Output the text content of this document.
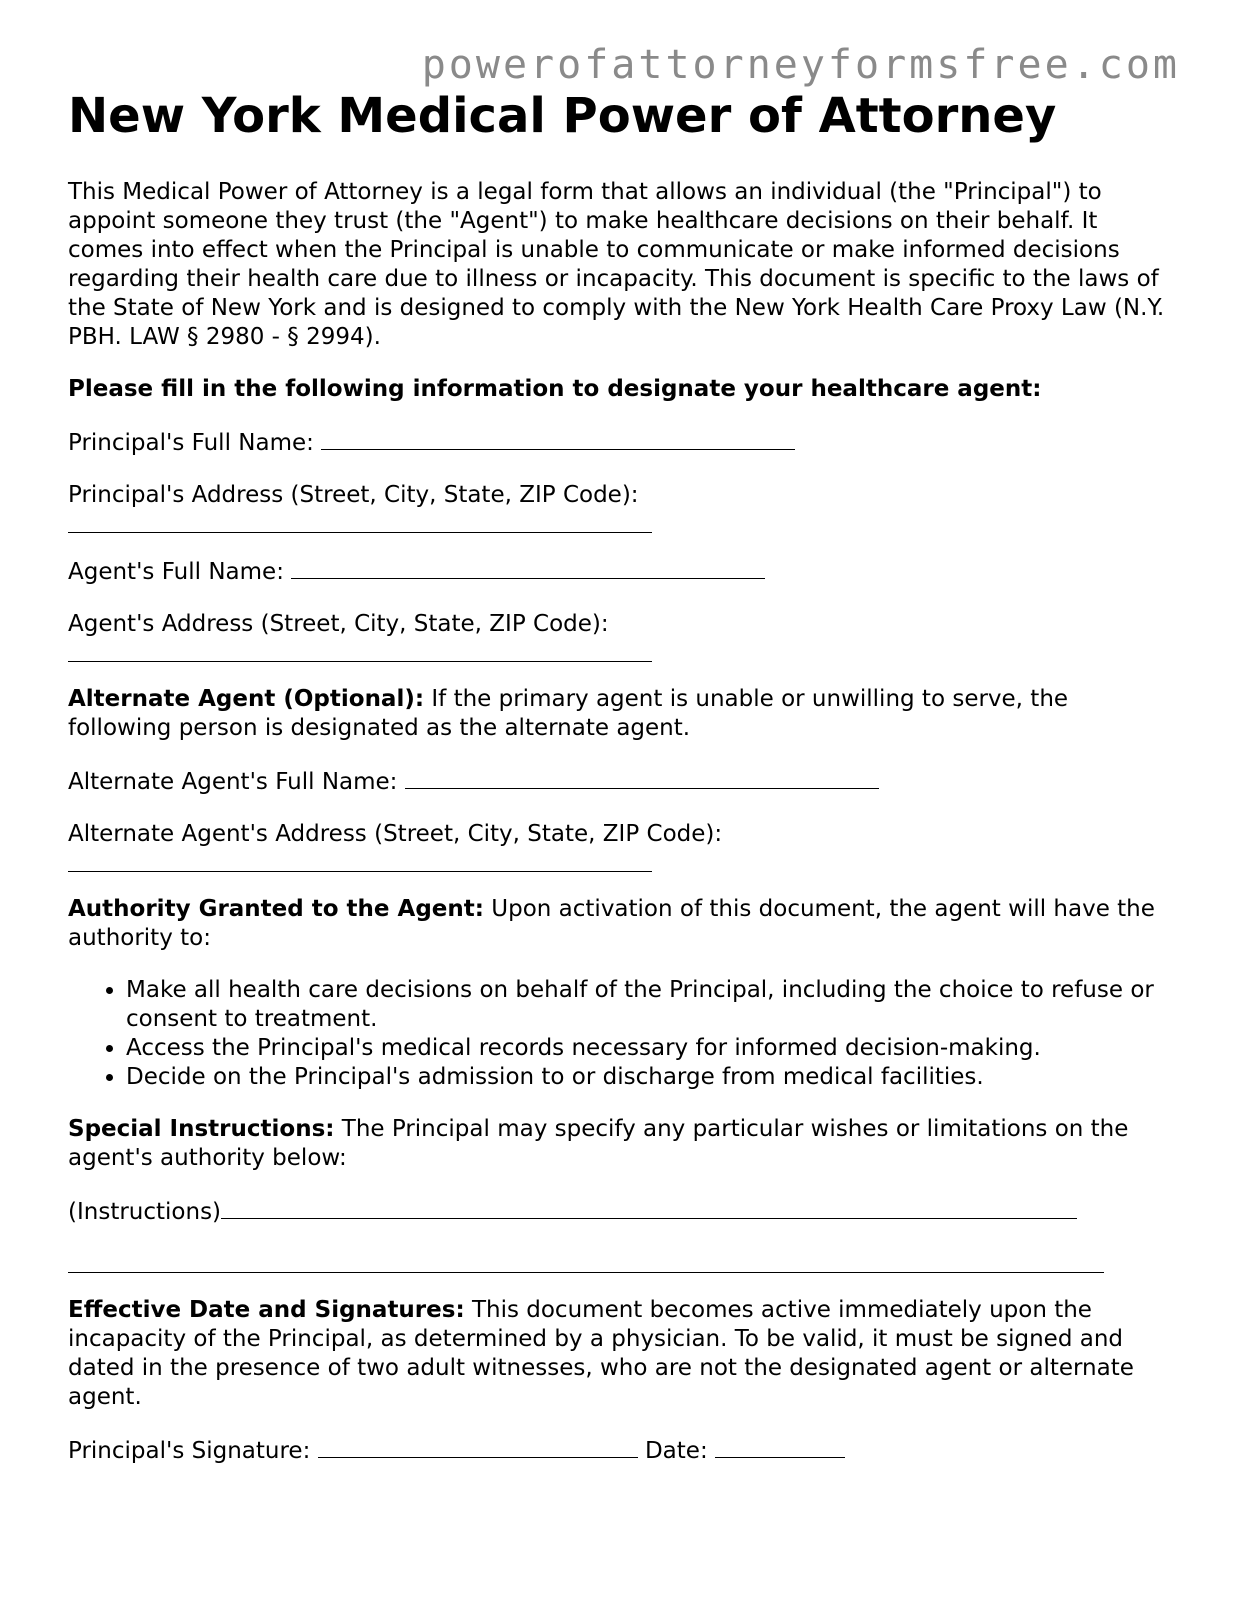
powerofattorneyformsfree.com
New York Medical Power of Attorney

This Medical Power of Attorney is a legal form that allows an individual (the "Principal") to appoint someone they trust (the "Agent") to make healthcare decisions on their behalf. It comes into effect when the Principal is unable to communicate or make informed decisions regarding their health care due to illness or incapacity. This document is specific to the laws of the State of New York and is designed to comply with the New York Health Care Proxy Law (N.Y. PBH. LAW § 2980 - § 2994).

Please fill in the following information to designate your healthcare agent:

Principal's Full Name:

Principal's Address (Street, City, State, ZIP Code):

Agent's Full Name:

Agent's Address (Street, City, State, ZIP Code):

Alternate Agent (Optional): If the primary agent is unable or unwilling to serve, the following person is designated as the alternate agent.

Alternate Agent's Full Name:

Alternate Agent's Address (Street, City, State, ZIP Code):

Authority Granted to the Agent: Upon activation of this document, the agent will have the authority to:

• Make all health care decisions on behalf of the Principal, including the choice to refuse or consent to treatment.
• Access the Principal's medical records necessary for informed decision-making.
• Decide on the Principal's admission to or discharge from medical facilities.

Special Instructions: The Principal may specify any particular wishes or limitations on the agent's authority below:

(Instructions)

Effective Date and Signatures: This document becomes active immediately upon the incapacity of the Principal, as determined by a physician. To be valid, it must be signed and dated in the presence of two adult witnesses, who are not the designated agent or alternate agent.

Principal's Signature:	Date:
